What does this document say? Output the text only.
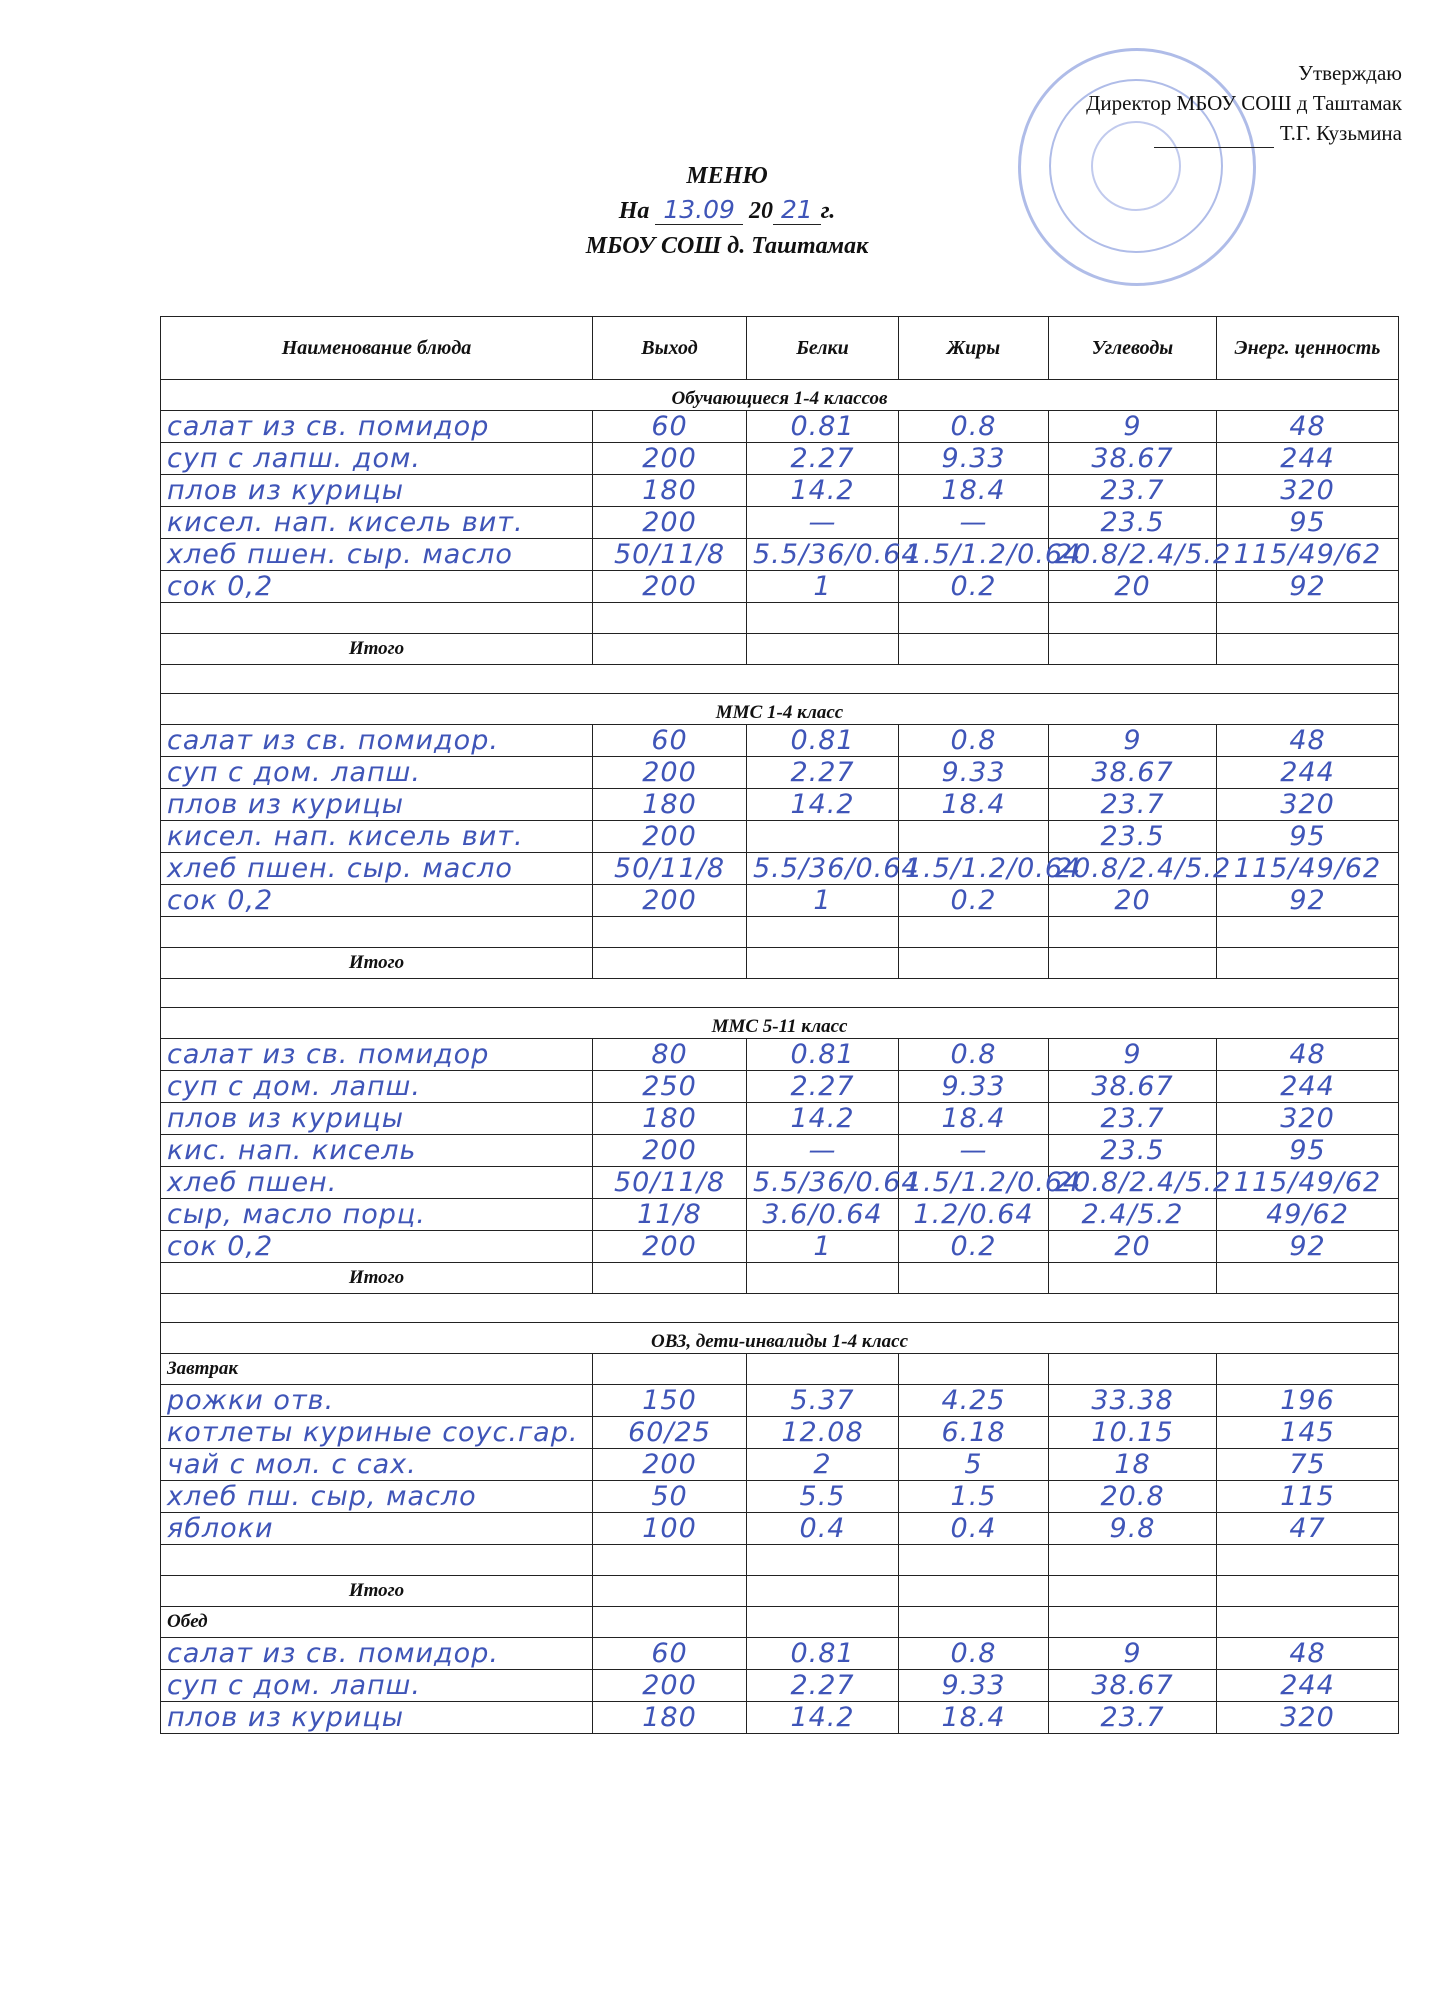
Утверждаю
Директор МБОУ СОШ д Таштамак
Т.Г. Кузьмина
МЕНЮ
На 13.09 20 21 г.
МБОУ СОШ д. Таштамак
Наименование блюда	Выход	Белки	Жиры	Углеводы	Энерг. ценность
Обучающиеся 1-4 классов					
салат из св. помидор	60	0.81	0.8	9	48
суп с лапш. дом.	200	2.27	9.33	38.67	244
плов из курицы	180	14.2	18.4	23.7	320
кисел. нап. кисель вит.	200	—	—	23.5	95
хлеб пшен. сыр. масло	50/11/8	5.5/36/0.64	1.5/1.2/0.64	20.8/2.4/5.2	115/49/62
сок 0,2	200	1	0.2	20	92

Итого					

ММС 1-4 класс					
салат из св. помидор.	60	0.81	0.8	9	48
суп с дом. лапш.	200	2.27	9.33	38.67	244
плов из курицы	180	14.2	18.4	23.7	320
кисел. нап. кисель вит.	200			23.5	95
хлеб пшен. сыр. масло	50/11/8	5.5/36/0.64	1.5/1.2/0.64	20.8/2.4/5.2	115/49/62
сок 0,2	200	1	0.2	20	92

Итого					

ММС 5-11 класс					
салат из св. помидор	80	0.81	0.8	9	48
суп с дом. лапш.	250	2.27	9.33	38.67	244
плов из курицы	180	14.2	18.4	23.7	320
кис. нап. кисель	200	—	—	23.5	95
хлеб пшен.	50/11/8	5.5/36/0.64	1.5/1.2/0.64	20.8/2.4/5.2	115/49/62
сыр, масло порц.	11/8	3.6/0.64	1.2/0.64	2.4/5.2	49/62
сок 0,2	200	1	0.2	20	92
Итого					

ОВЗ, дети-инвалиды 1-4 класс					
Завтрак					
рожки отв.	150	5.37	4.25	33.38	196
котлеты куриные соус.гар.	60/25	12.08	6.18	10.15	145
чай с мол. с сах.	200	2	5	18	75
хлеб пш. сыр, масло	50	5.5	1.5	20.8	115
яблоки	100	0.4	0.4	9.8	47

Итого					
Обед					
салат из св. помидор.	60	0.81	0.8	9	48
суп с дом. лапш.	200	2.27	9.33	38.67	244
плов из курицы	180	14.2	18.4	23.7	320
